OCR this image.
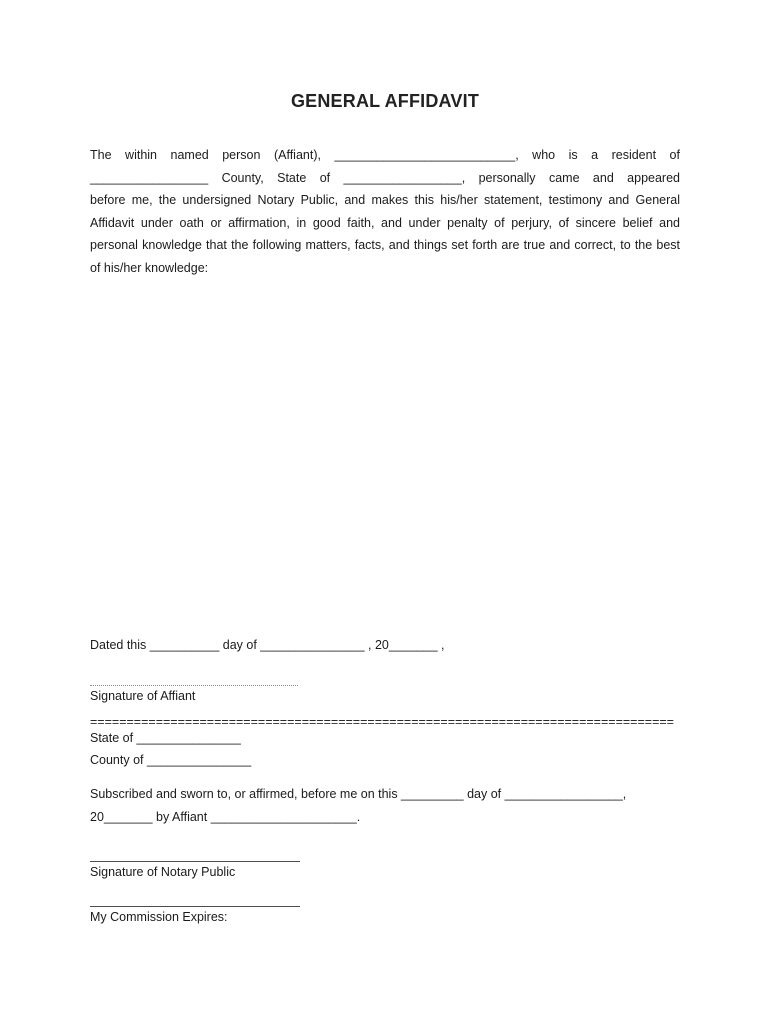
GENERAL AFFIDAVIT
The within named person (Affiant), __________________________, who is a resident of
_________________ County, State of _________________, personally came and appeared
before me, the undersigned Notary Public, and makes this his/her statement, testimony and General
Affidavit under oath or affirmation, in good faith, and under penalty of perjury, of sincere belief and
personal knowledge that the following matters, facts, and things set forth are true and correct, to the best
of his/her knowledge:
Dated this __________ day of _______________ , 20_______ ,
Signature of Affiant
================================================================================
State of _______________
County of _______________
Subscribed and sworn to, or affirmed, before me on this _________ day of _________________,
20_______ by Affiant _____________________.
Signature of Notary Public
My Commission Expires:
